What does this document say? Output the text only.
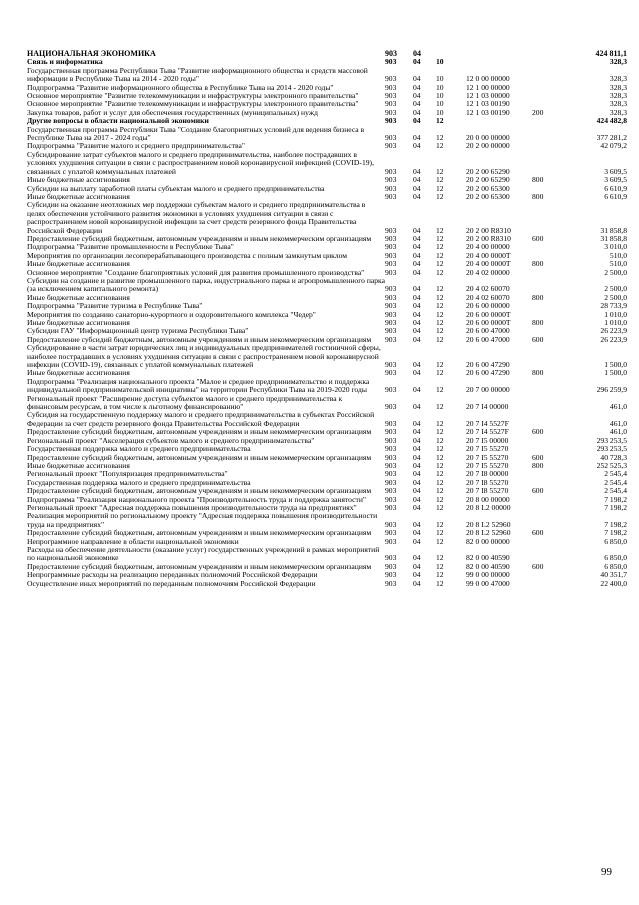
НАЦИОНАЛЬНАЯ ЭКОНОМИКА	903	04				424 811,1
Связь и информатика	903	04	10			328,3
Государственная программа Республики Тыва "Развитие информационного общества и средств массовой информации в Республике Тыва на 2014 - 2020 годы"	903	04	10	12 0 00 00000		328,3
Подпрограмма "Развитие информационного общества в Республике Тыва на 2014 - 2020 годы"	903	04	10	12 1 00 00000		328,3
Основное мероприятие "Развитие телекоммуникации и инфраструктуры электронного правительства"	903	04	10	12 1 03 00000		328,3
Основное мероприятие "Развитие телекоммуникации и инфраструктуры электронного правительства"	903	04	10	12 1 03 00190		328,3
Закупка товаров, работ и услуг для обеспечения государственных (муниципальных) нужд	903	04	10	12 1 03 00190	200	328,3
Другие вопросы в области национальной экономики	903	04	12			424 482,8
Государственная программа Республики Тыва "Создание благоприятных условий для ведения бизнеса в Республике Тыва на 2017 - 2024 годы"	903	04	12	20 0 00 00000		377 281,2
Подпрограмма "Развитие малого и среднего предпринимательства"	903	04	12	20 2 00 00000		42 079,2
Субсидирование затрат субъектов малого и среднего предпринимательства, наиболее пострадавших в условиях ухудшения ситуации в связи с распространением новой коронавирусной инфекцией (COVID-19), связанных с уплатой коммунальных платежей	903	04	12	20 2 00 65290		3 609,5
Иные бюджетные ассигнования	903	04	12	20 2 00 65290	800	3 609,5
Субсидии на выплату заработной платы субъектам малого и среднего предпринимательства	903	04	12	20 2 00 65300		6 610,9
Иные бюджетные ассигнования	903	04	12	20 2 00 65300	800	6 610,9
Субсидии на оказание неотложных мер поддержки субъектам малого и среднего предпринимательства в целях обеспечения устойчивого развития экономики в условиях ухудшения ситуации в связи с распространением новой коронавирусной инфекции за счет средств резервного фонда Правительства Российской Федерации	903	04	12	20 2 00 R8310		31 858,8
Предоставление субсидий бюджетным, автономным учреждениям и иным некоммерческим организациям	903	04	12	20 2 00 R8310	600	31 858,8
Подпрограмма "Развитие промышленности в Республике Тыва"	903	04	12	20 4 00 00000		3 010,0
Мероприятия по организации лесоперерабатывающего производства с полным замкнутым циклом	903	04	12	20 4 00 0000Т		510,0
Иные бюджетные ассигнования	903	04	12	20 4 00 0000Т	800	510,0
Основное мероприятие "Создание благоприятных условий для развития промышленного производства"	903	04	12	20 4 02 00000		2 500,0
Субсидии на создание и развитие промышленного парка, индустриального парка и агропромышленного парка (за исключением капитального ремонта)	903	04	12	20 4 02 60070		2 500,0
Иные бюджетные ассигнования	903	04	12	20 4 02 60070	800	2 500,0
Подпрограмма "Развитие туризма в Республике Тыва"	903	04	12	20 6 00 00000		28 733,9
Мероприятия по созданию санаторно-курортного и оздоровительного комплекса "Чедер"	903	04	12	20 6 00 0000Т		1 010,0
Иные бюджетные ассигнования	903	04	12	20 6 00 0000Т	800	1 010,0
Субсидии ГАУ "Информационный центр туризма Республики Тыва"	903	04	12	20 6 00 47000		26 223,9
Предоставление субсидий бюджетным, автономным учреждениям и иным некоммерческим организациям	903	04	12	20 6 00 47000	600	26 223,9
Субсидирование в части затрат юридических лиц и индивидуальных предпринимателей гостиничной сферы, наиболее пострадавших в условиях ухудшения ситуации в связи с распространением новой коронавирусной инфекции (COVID-19), связанных с уплатой коммунальных платежей	903	04	12	20 6 00 47290		1 500,0
Иные бюджетные ассигнования	903	04	12	20 6 00 47290	800	1 500,0
Подпрограмма "Реализация национального проекта "Малое и среднее предпринимательство и поддержка индивидуальной предпринимательской инициативы" на территории Республики Тыва на 2019-2020 годы	903	04	12	20 7 00 00000		296 259,9
Региональный проект "Расширение доступа субъектов малого и среднего предпринимательства к финансовым ресурсам, в том числе к льготному финансированию"	903	04	12	20 7 I4 00000		461,0
Субсидия на государственную поддержку малого и среднего предпринимательства в субъектах Российской Федерации за счет средств резервного фонда Правительства Российской Федерации	903	04	12	20 7 I4 5527F		461,0
Предоставление субсидий бюджетным, автономным учреждениям и иным некоммерческим организациям	903	04	12	20 7 I4 5527F	600	461,0
Региональный проект "Акселерация субъектов малого и среднего предпринимательства"	903	04	12	20 7 I5 00000		293 253,5
Государственная поддержка малого и среднего предпринимательства	903	04	12	20 7 I5 55270		293 253,5
Предоставление субсидий бюджетным, автономным учреждениям и иным некоммерческим организациям	903	04	12	20 7 I5 55270	600	40 728,3
Иные бюджетные ассигнования	903	04	12	20 7 I5 55270	800	252 525,3
Региональный проект "Популяризация предпринимательства"	903	04	12	20 7 I8 00000		2 545,4
Государственная поддержка малого и среднего предпринимательства	903	04	12	20 7 I8 55270		2 545,4
Предоставление субсидий бюджетным, автономным учреждениям и иным некоммерческим организациям	903	04	12	20 7 I8 55270	600	2 545,4
Подпрограмма "Реализация национального проекта "Производительность труда и поддержка занятости"	903	04	12	20 8 00 00000		7 198,2
Региональный проект "Адресная поддержка повышения производительности труда на предприятиях"	903	04	12	20 8 L2 00000		7 198,2
Реализация мероприятий по региональному проекту "Адресная поддержка повышения производительности труда на предприятиях"	903	04	12	20 8 L2 52960		7 198,2
Предоставление субсидий бюджетным, автономным учреждениям и иным некоммерческим организациям	903	04	12	20 8 L2 52960	600	7 198,2
Непрограммное направление в области национальной экономики	903	04	12	82 0 00 00000		6 850,0
Расходы на обеспечение деятельности (оказание услуг) государственных учреждений в рамках мероприятий по национальной экономике	903	04	12	82 0 00 40590		6 850,0
Предоставление субсидий бюджетным, автономным учреждениям и иным некоммерческим организациям	903	04	12	82 0 00 40590	600	6 850,0
Непрограммные расходы на реализацию переданных полномочий Российской Федерации	903	04	12	99 0 00 00000		40 351,7
Осуществление иных мероприятий по переданным полномочиям Российской Федерации	903	04	12	99 0 00 47000		22 400,0
99
